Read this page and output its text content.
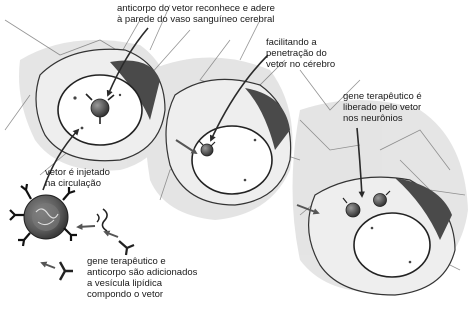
anticorpo do vetor reconhece e adere
à parede do vaso sanguíneo cerebral
facilitando a
penetração do
vetor no cérebro
gene terapêutico é
liberado pelo vetor
nos neurônios
vetor é injetado
na circulação
gene terapêutico e
anticorpo são adicionados
a vesícula lipídica
compondo o vetor
